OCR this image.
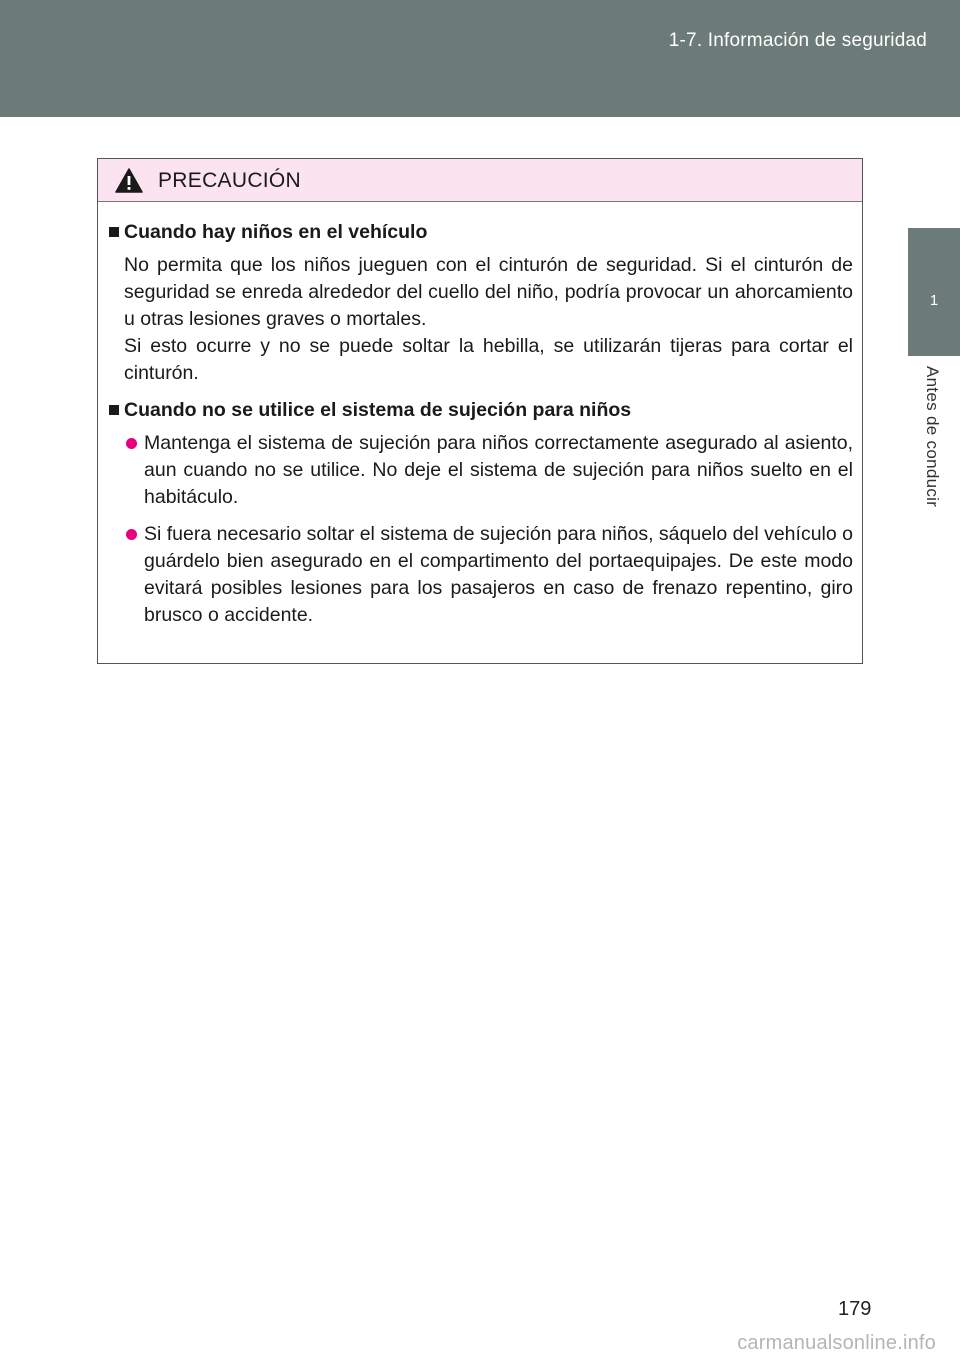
1-7. Información de seguridad
1
Antes de conducir
PRECAUCIÓN
Cuando hay niños en el vehículo
No permita que los niños jueguen con el cinturón de seguridad. Si el cinturón de seguridad se enreda alrededor del cuello del niño, podría provocar un ahorcamiento u otras lesiones graves o mortales.
Si esto ocurre y no se puede soltar la hebilla, se utilizarán tijeras para cortar el cinturón.
Cuando no se utilice el sistema de sujeción para niños
Mantenga el sistema de sujeción para niños correctamente asegurado al asiento, aun cuando no se utilice. No deje el sistema de sujeción para niños suelto en el habitáculo.
Si fuera necesario soltar el sistema de sujeción para niños, sáquelo del vehículo o guárdelo bien asegurado en el compartimento del portaequipajes. De este modo evitará posibles lesiones para los pasajeros en caso de frenazo repentino, giro brusco o accidente.
179
carmanualsonline.info
